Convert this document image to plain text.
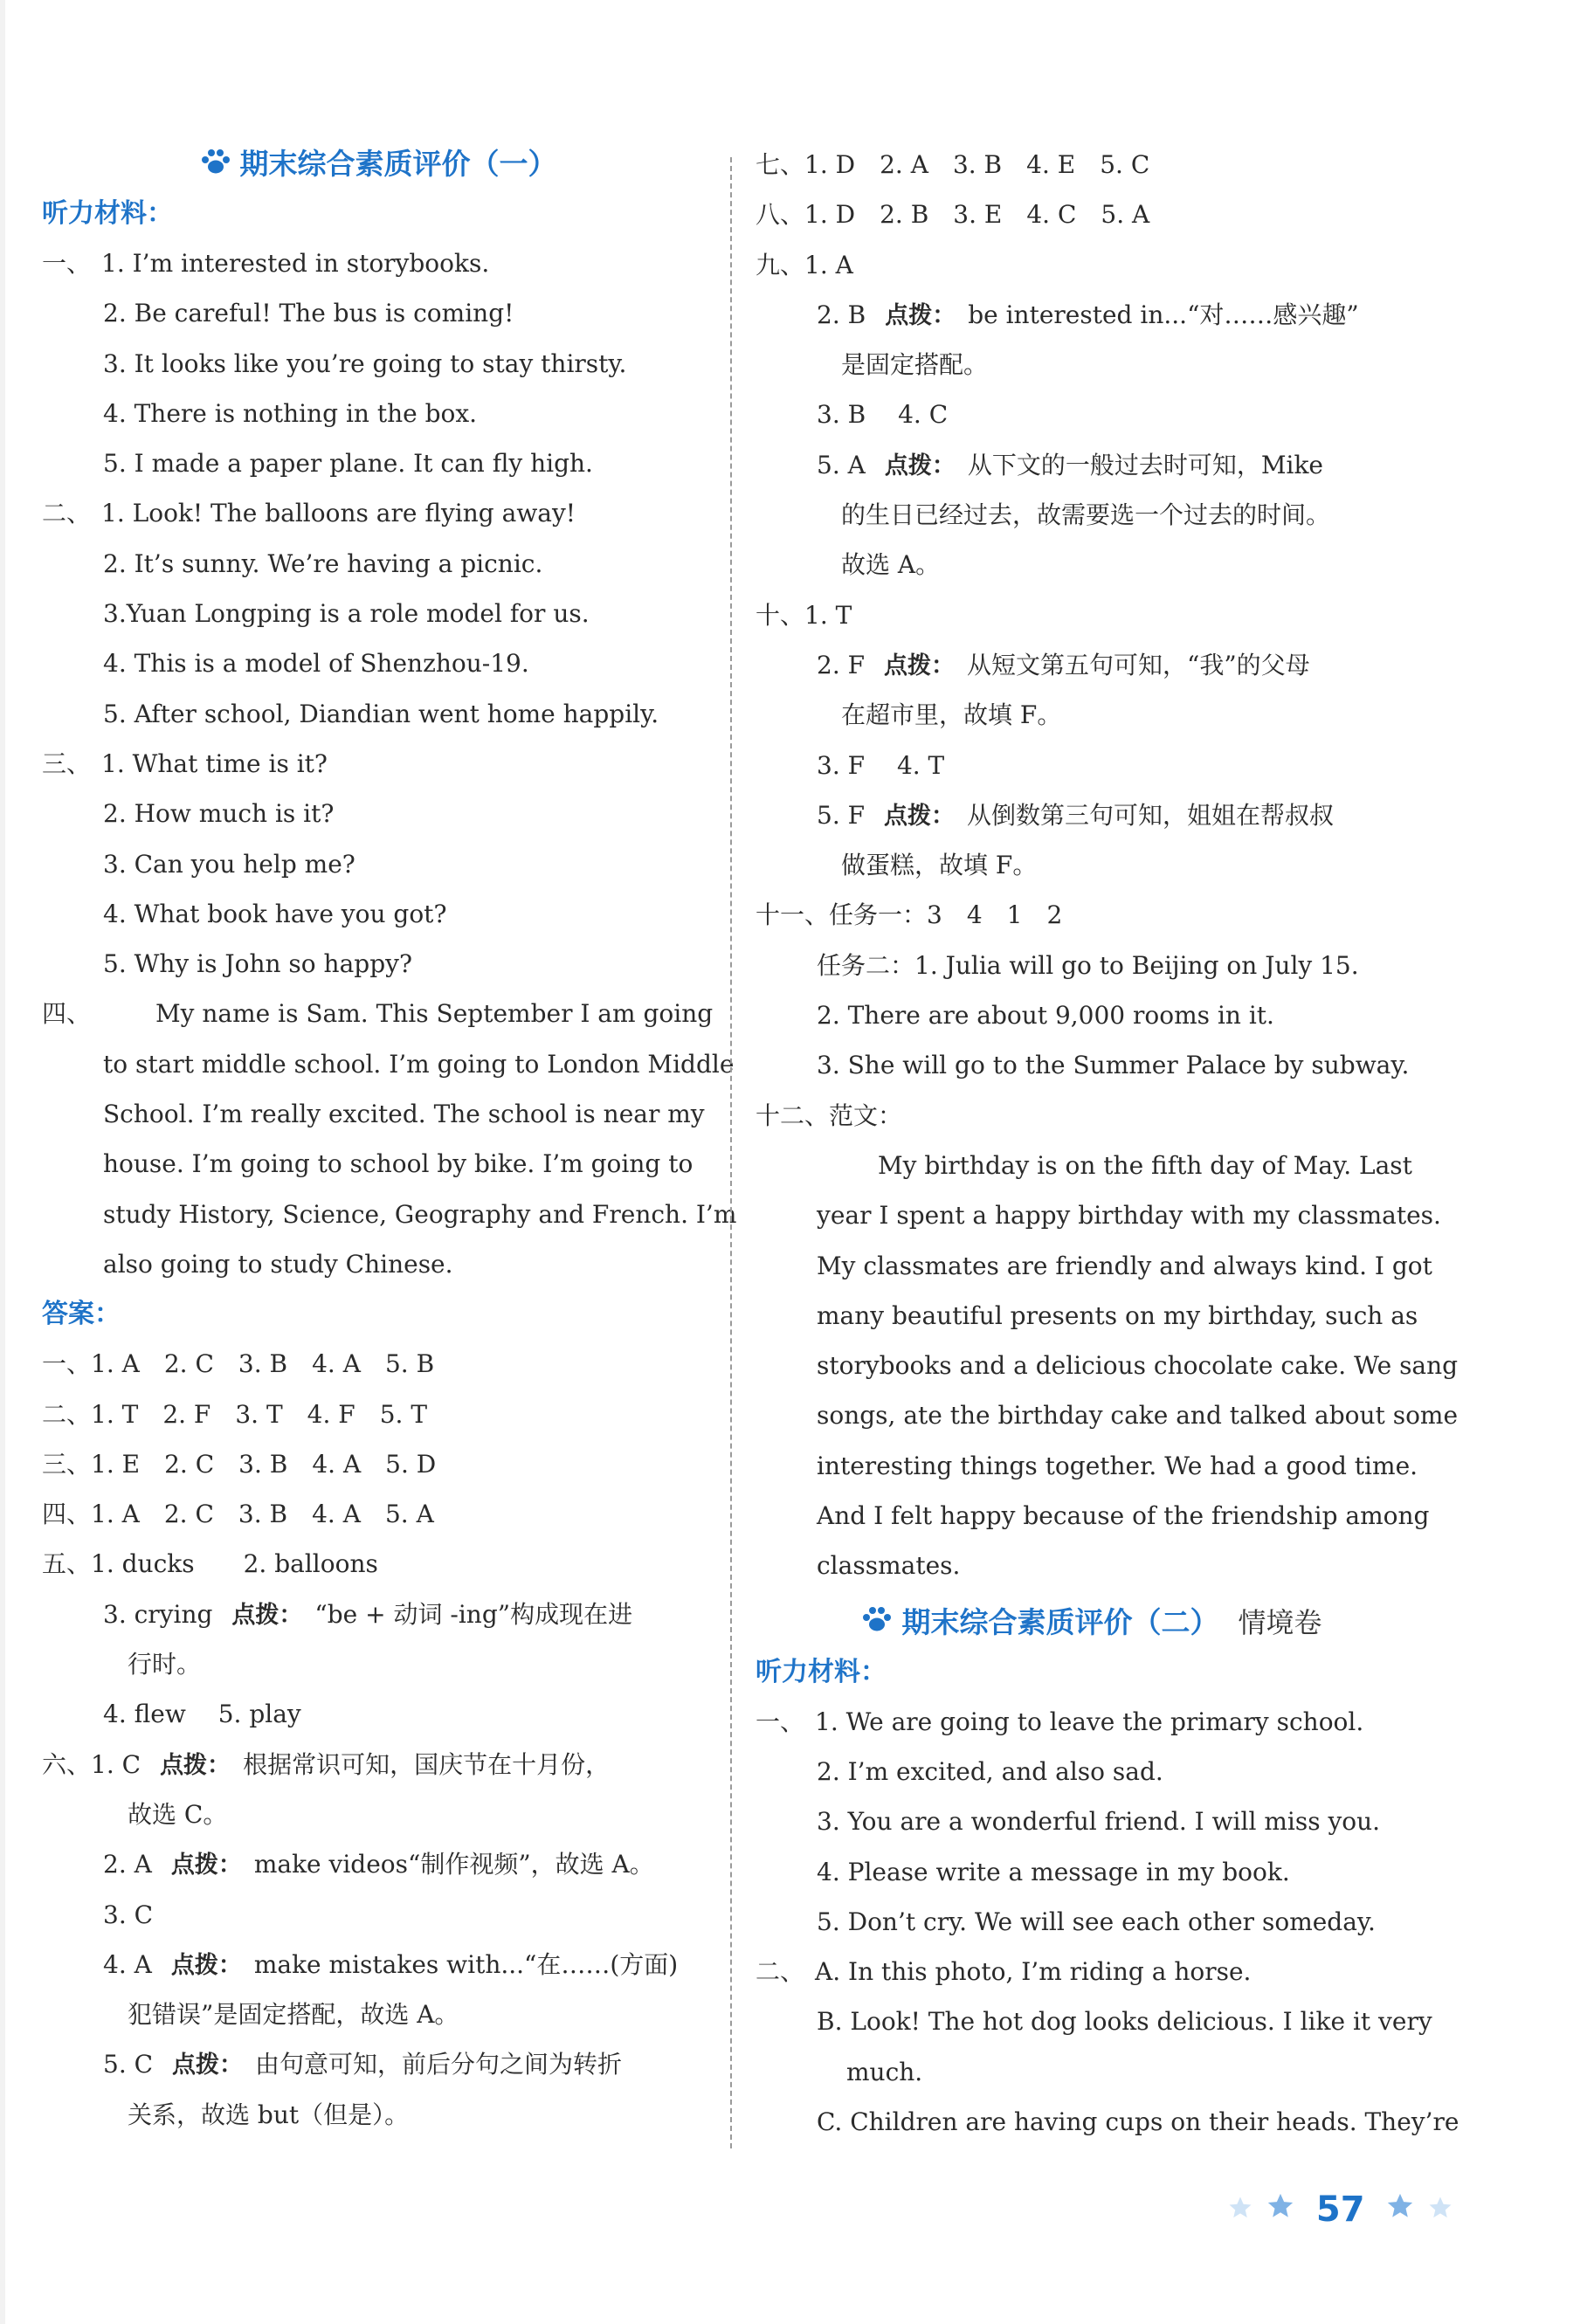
期末综合素质评价（一）
听力材料：
一、 1. I’m interested in storybooks.
2. Be careful! The bus is coming!
3. It looks like you’re going to stay thirsty.
4. There is nothing in the box.
5. I made a paper plane. It can fly high.
二、 1. Look! The balloons are flying away!
2. It’s sunny. We’re having a picnic.
3.Yuan Longping is a role model for us.
4. This is a model of Shenzhou-19.
5. After school, Diandian went home happily.
三、 1. What time is it?
2. How much is it?
3. Can you help me?
4. What book have you got?
5. Why is John so happy?
四、	My name is Sam. This September I am going
to start middle school. I’m going to London Middle
School. I’m really excited. The school is near my
house. I’m going to school by bike. I’m going to
study History, Science, Geography and French. I’m
also going to study Chinese.
答案：
一、1. A 2. C 3. B 4. A 5. B
二、1. T 2. F 3. T 4. F 5. T
三、1. E 2. C 3. B 4. A 5. D
四、1. A 2. C 3. B 4. A 5. A
五、1. ducks　　2. balloons
3. crying 点拨： “be + 动词 -ing”构成现在进
行时。
4. flew　 5. play
六、1. C 点拨： 根据常识可知，国庆节在十月份，
故选 C。
2. A 点拨： make videos“制作视频”，故选 A。
3. C
4. A 点拨： make mistakes with...“在……(方面)
犯错误”是固定搭配，故选 A。
5. C 点拨： 由句意可知，前后分句之间为转折
关系，故选 but（但是）。
七、1. D 2. A 3. B 4. E 5. C
八、1. D 2. B 3. E 4. C 5. A
九、1. A
2. B 点拨： be interested in...“对……感兴趣”
是固定搭配。
3. B　 4. C
5. A 点拨： 从下文的一般过去时可知，Mike
的生日已经过去，故需要选一个过去的时间。
故选 A。
十、1. T
2. F 点拨： 从短文第五句可知，“我”的父母
在超市里，故填 F。
3. F　 4. T
5. F 点拨： 从倒数第三句可知，姐姐在帮叔叔
做蛋糕，故填 F。
十一、任务一：3　4　1　2
任务二：1. Julia will go to Beijing on July 15.
2. There are about 9,000 rooms in it.
3. She will go to the Summer Palace by subway.
十二、范文：
My birthday is on the fifth day of May. Last
year I spent a happy birthday with my classmates.
My classmates are friendly and always kind. I got
many beautiful presents on my birthday, such as
storybooks and a delicious chocolate cake. We sang
songs, ate the birthday cake and talked about some
interesting things together. We had a good time.
And I felt happy because of the friendship among
classmates.
期末综合素质评价（二） 情境卷
听力材料：
一、 1. We are going to leave the primary school.
2. I’m excited, and also sad.
3. You are a wonderful friend. I will miss you.
4. Please write a message in my book.
5. Don’t cry. We will see each other someday.
二、 A. In this photo, I’m riding a horse.
B. Look! The hot dog looks delicious. I like it very
much.
C. Children are having cups on their heads. They’re
57
